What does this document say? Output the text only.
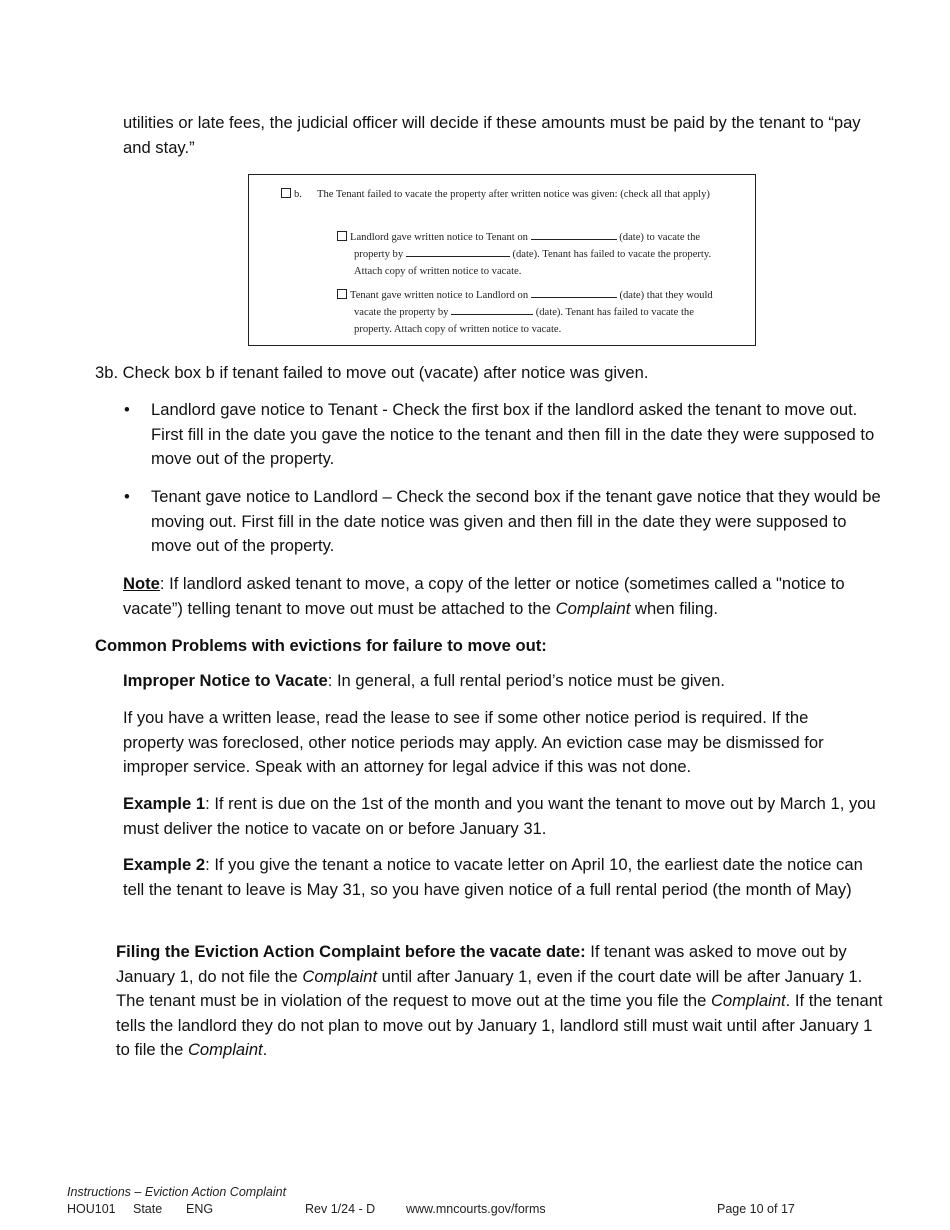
utilities or late fees, the judicial officer will decide if these amounts must be paid by the tenant to “pay and stay.”

b. The Tenant failed to vacate the property after written notice was given: (check all that apply)
Landlord gave written notice to Tenant on	(date) to vacate the property by	(date). Tenant has failed to vacate the property. Attach copy of written notice to vacate.
Tenant gave written notice to Landlord on	(date) that they would vacate the property by	(date). Tenant has failed to vacate the property. Attach copy of written notice to vacate.

3b. Check box b if tenant failed to move out (vacate) after notice was given.

• Landlord gave notice to Tenant - Check the first box if the landlord asked the tenant to move out. First fill in the date you gave the notice to the tenant and then fill in the date they were supposed to move out of the property.

• Tenant gave notice to Landlord – Check the second box if the tenant gave notice that they would be moving out. First fill in the date notice was given and then fill in the date they were supposed to move out of the property.

Note: If landlord asked tenant to move, a copy of the letter or notice (sometimes called a "notice to vacate”) telling tenant to move out must be attached to the Complaint when filing.

Common Problems with evictions for failure to move out:

Improper Notice to Vacate: In general, a full rental period’s notice must be given.

If you have a written lease, read the lease to see if some other notice period is required. If the property was foreclosed, other notice periods may apply. An eviction case may be dismissed for improper service. Speak with an attorney for legal advice if this was not done.

Example 1: If rent is due on the 1st of the month and you want the tenant to move out by March 1, you must deliver the notice to vacate on or before January 31.

Example 2: If you give the tenant a notice to vacate letter on April 10, the earliest date the notice can tell the tenant to leave is May 31, so you have given notice of a full rental period (the month of May)

Filing the Eviction Action Complaint before the vacate date: If tenant was asked to move out by January 1, do not file the Complaint until after January 1, even if the court date will be after January 1. The tenant must be in violation of the request to move out at the time you file the Complaint. If the tenant tells the landlord they do not plan to move out by January 1, landlord still must wait until after January 1 to file the Complaint.

Instructions – Eviction Action Complaint
HOU101 State ENG	Rev 1/24 - D www.mncourts.gov/forms	Page 10 of 17
